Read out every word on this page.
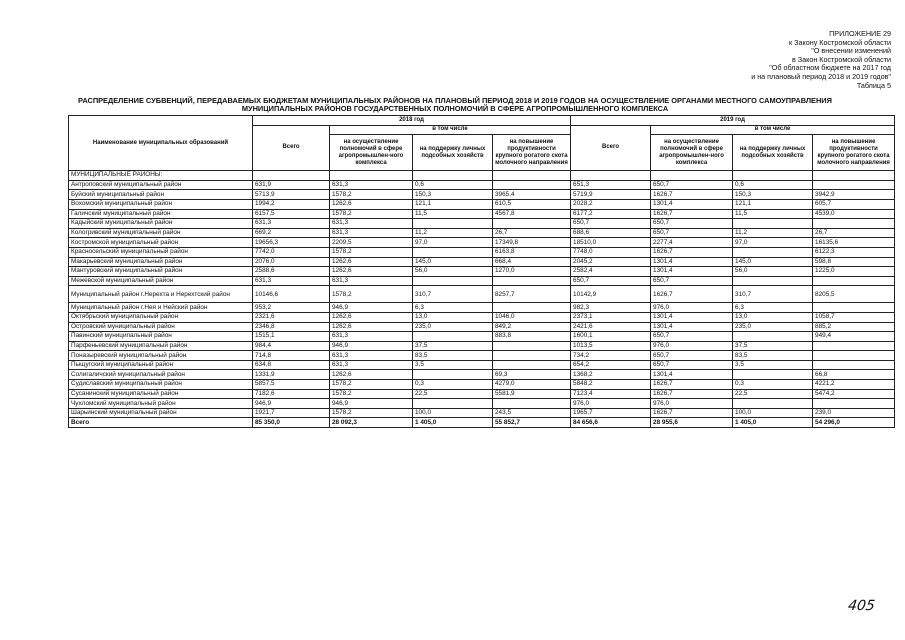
ПРИЛОЖЕНИЕ 29
к Закону Костромской области
"О внесении изменений
в Закон Костромской области
"Об областном бюджете на 2017 год
и на плановый период 2018 и 2019 годов"
Таблица 5
РАСПРЕДЕЛЕНИЕ СУБВЕНЦИЙ, ПЕРЕДАВАЕМЫХ БЮДЖЕТАМ МУНИЦИПАЛЬНЫХ РАЙОНОВ НА ПЛАНОВЫЙ ПЕРИОД 2018 И 2019 ГОДОВ НА ОСУЩЕСТВЛЕНИЕ ОРГАНАМИ МЕСТНОГО САМОУПРАВЛЕНИЯ
МУНИЦИПАЛЬНЫХ РАЙОНОВ ГОСУДАРСТВЕННЫХ ПОЛНОМОЧИЙ В СФЕРЕ АГРОПРОМЫШЛЕННОГО КОМПЛЕКСА
Наименование муниципальных образований	2018 год				2019 год			
	Всего	в том числе			Всего	в том числе		
		на осуществление полномочий в сфере агропромышлен-ного комплекса	на поддержку личных подсобных хозяйств	на повышение продуктивности крупного рогатого скота молочного направления		на осуществление полномочий в сфере агропромышлен-ного комплекса	на поддержку личных подсобных хозяйств	на повышение продуктивности крупного рогатого скота молочного направления
МУНИЦИПАЛЬНЫЕ РАЙОНЫ:								
Антроповский муниципальный район	631,9	631,3	0,6		651,3	650,7	0,6	
Буйский муниципальный район	5713,9	1578,2	150,3	3965,4	5719,9	1626,7	150,3	3942,9
Вохомский муниципальный район	1994,2	1262,6	121,1	610,5	2028,2	1301,4	121,1	605,7
Галичский муниципальный район	6157,5	1578,2	11,5	4567,8	6177,2	1626,7	11,5	4539,0
Кадыйский муниципальный район	631,3	631,3			650,7	650,7		
Кологривский муниципальный район	669,2	631,3	11,2	26,7	688,6	650,7	11,2	26,7
Костромской муниципальный район	19656,3	2209,5	97,0	17349,8	18510,0	2277,4	97,0	16135,6
Красносельский муниципальный район	7742,0	1578,2		6163,8	7748,0	1626,7		6122,3
Макарьевский муниципальный район	2076,0	1262,6	145,0	668,4	2045,2	1301,4	145,0	598,8
Мантуровский муниципальный район	2588,6	1262,6	56,0	1270,0	2582,4	1301,4	56,0	1225,0
Межевской муниципальный район	631,3	631,3			650,7	650,7		
Муниципальный район г.Нерехта и Нерехтский район	10146,6	1578,2	310,7	8257,7	10142,9	1626,7	310,7	8205,5
Муниципальный район г.Нея и Нейский район	953,2	946,9	6,3		982,3	976,0	6,3	
Октябрьский муниципальный район	2321,6	1262,6	13,0	1046,0	2373,1	1301,4	13,0	1058,7
Островский муниципальный район	2346,8	1262,6	235,0	849,2	2421,6	1301,4	235,0	885,2
Павинский муниципальный район	1515,1	631,3		883,8	1600,1	650,7		949,4
Парфеньевский муниципальный район	984,4	946,9	37,5		1013,5	976,0	37,5	
Поназыревский муниципальный район	714,8	631,3	83,5		734,2	650,7	83,5	
Пыщугский муниципальный район	634,8	631,3	3,5		654,2	650,7	3,5	
Солигаличский муниципальный район	1331,9	1262,6		69,3	1368,2	1301,4		66,8
Судиславский муниципальный район	5857,5	1578,2	0,3	4279,0	5848,2	1626,7	0,3	4221,2
Сусанинский муниципальный район	7182,6	1578,2	22,5	5581,9	7123,4	1626,7	22,5	5474,2
Чухломский муниципальный район	946,9	946,9			976,0	976,0		
Шарьинский муниципальный район	1921,7	1578,2	100,0	243,5	1965,7	1626,7	100,0	239,0
Всего	85 350,0	28 092,3	1 405,0	55 852,7	84 656,6	28 955,6	1 405,0	54 296,0
405
